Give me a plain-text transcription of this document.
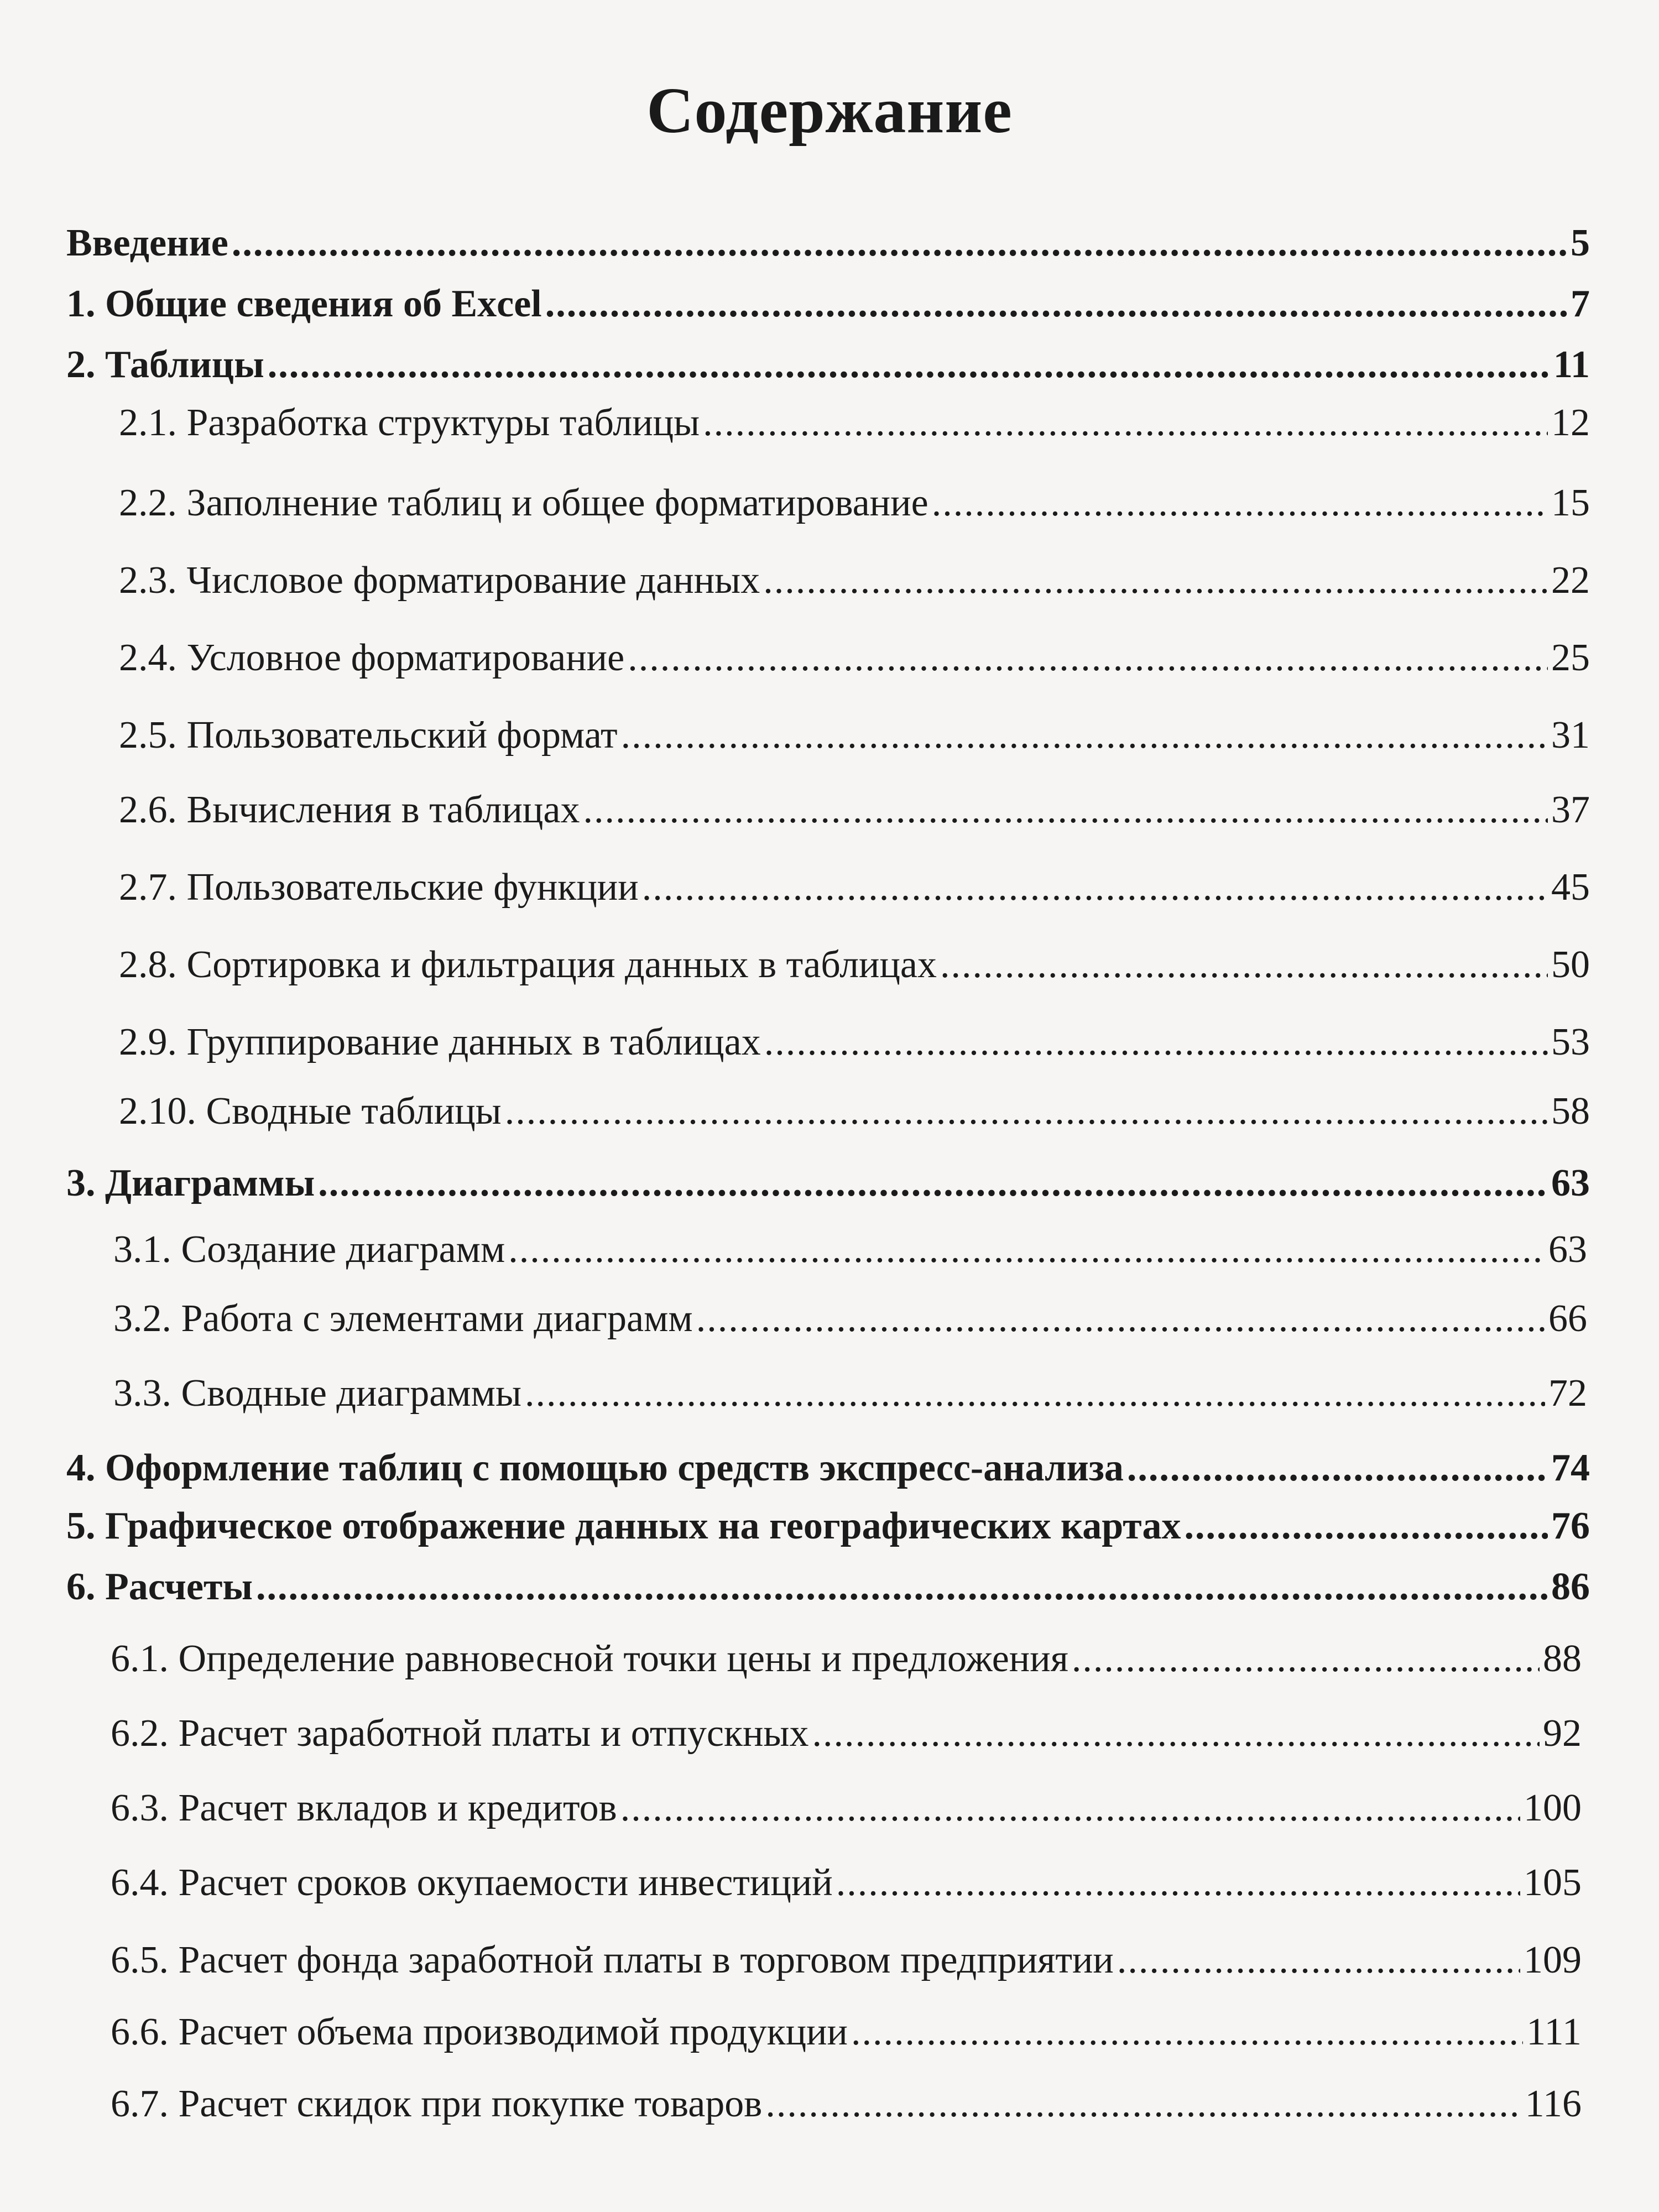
Содержание
Введение .....	5
1. Общие сведения об Excel .....	7
2. Таблицы .....	11
2.1. Разработка структуры таблицы .....	12
2.2. Заполнение таблиц и общее форматирование .....	15
2.3. Числовое форматирование данных .....	22
2.4. Условное форматирование .....	25
2.5. Пользовательский формат .....	31
2.6. Вычисления в таблицах .....	37
2.7. Пользовательские функции .....	45
2.8. Сортировка и фильтрация данных в таблицах .....	50
2.9. Группирование данных в таблицах .....	53
2.10. Сводные таблицы .....	58
3. Диаграммы .....	63
3.1. Создание диаграмм .....	63
3.2. Работа с элементами диаграмм .....	66
3.3. Сводные диаграммы .....	72
4. Оформление таблиц с помощью средств экспресс-анализа .....	74
5. Графическое отображение данных на географических картах .....	76
6. Расчеты .....	86
6.1. Определение равновесной точки цены и предложения .....	88
6.2. Расчет заработной платы и отпускных .....	92
6.3. Расчет вкладов и кредитов .....	100
6.4. Расчет сроков окупаемости инвестиций .....	105
6.5. Расчет фонда заработной платы в торговом предприятии .....	109
6.6. Расчет объема производимой продукции .....	111
6.7. Расчет скидок при покупке товаров .....	116
